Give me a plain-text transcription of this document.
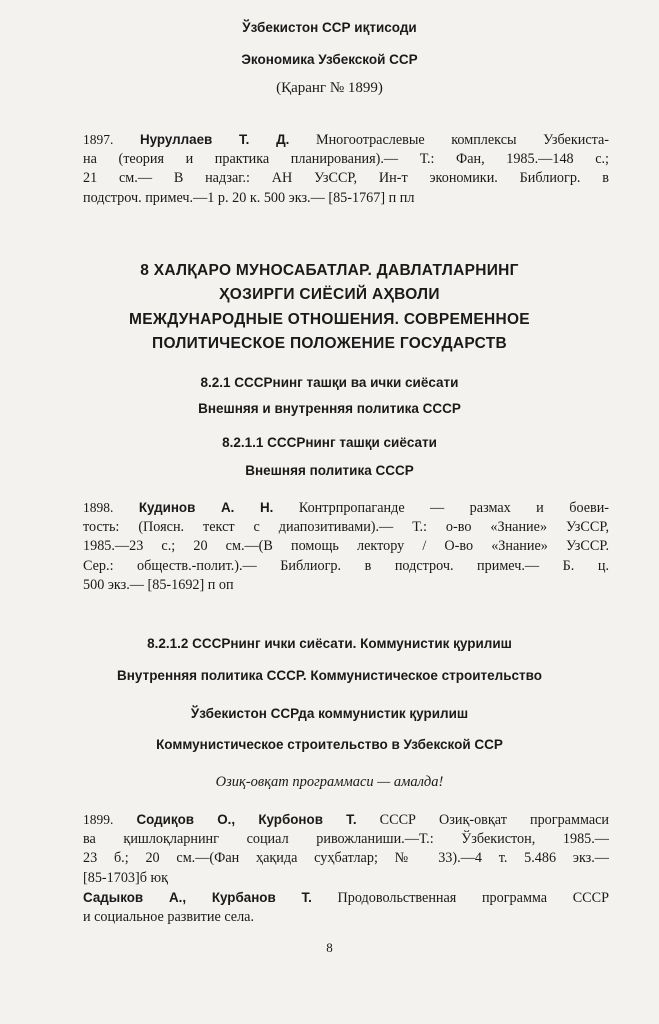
Ўзбекистон ССР иқтисоди
Экономика Узбекской ССР
(Қаранг № 1899)
1897. Нуруллаев Т. Д. Многоотраслевые комплексы Узбекиста-
на (теория и практика планирования).— Т.: Фан, 1985.—148 с.;
21 см.— В надзаг.: АН УзССР, Ин-т экономики. Библиогр. в
подстроч. примеч.—1 р. 20 к. 500 экз.— [85-1767] п пл
8 ХАЛҚАРО МУНОСАБАТЛАР. ДАВЛАТЛАРНИНГ
ҲОЗИРГИ СИЁСИЙ АҲВОЛИ
МЕЖДУНАРОДНЫЕ ОТНОШЕНИЯ. СОВРЕМЕННОЕ
ПОЛИТИЧЕСКОЕ ПОЛОЖЕНИЕ ГОСУДАРСТВ
8.2.1 СССРнинг ташқи ва ички сиёсати
Внешняя и внутренняя политика СССР
8.2.1.1 СССРнинг ташқи сиёсати
Внешняя политика СССР
1898. Кудинов А. Н. Контрпропаганде — размах и боеви-
тость: (Поясн. текст с диапозитивами).— Т.: о-во «Знание» УзССР,
1985.—23 с.; 20 см.—(В помощь лектору / О-во «Знание» УзССР.
Сер.: обществ.-полит.).— Библиогр. в подстроч. примеч.— Б. ц.
500 экз.— [85-1692] п оп
8.2.1.2 СССРнинг ички сиёсати. Коммунистик қурилиш
Внутренняя политика СССР. Коммунистическое строительство
Ўзбекистон ССРда коммунистик қурилиш
Коммунистическое строительство в Узбекской ССР
Озиқ-овқат программаси — амалда!
1899. Содиқов О., Курбонов Т. СССР Озиқ-овқат программаси
ва қишлоқларнинг социал ривожланиши.—Т.: Ўзбекистон, 1985.—
23 б.; 20 см.—(Фан ҳақида суҳбатлар; № 33).—4 т. 5.486 экз.—
[85-1703]б юқ
Садыков А., Курбанов Т. Продовольственная программа СССР
и социальное развитие села.
8
